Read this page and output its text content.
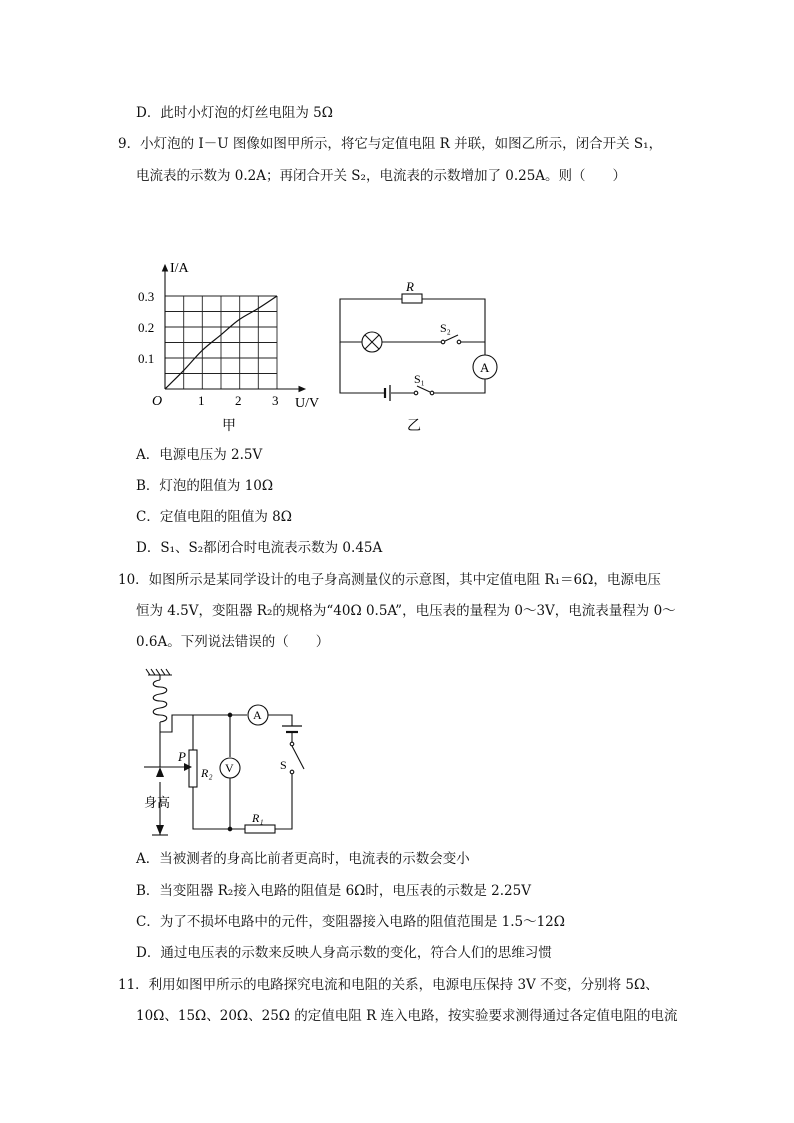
D．此时小灯泡的灯丝电阻为 5Ω
9．小灯泡的 I－U 图像如图甲所示，将它与定值电阻 R 并联，如图乙所示，闭合开关 S₁，
电流表的示数为 0.2A；再闭合开关 S₂，电流表的示数增加了 0.25A。则（　　）
I/A
U/V
O
0.3
0.2
0.1
1 2 3
甲
R
S₂
S₁
A
乙
A．电源电压为 2.5V
B．灯泡的阻值为 10Ω
C．定值电阻的阻值为 8Ω
D．S₁、S₂都闭合时电流表示数为 0.45A
10．如图所示是某同学设计的电子身高测量仪的示意图，其中定值电阻 R₁＝6Ω，电源电压
恒为 4.5V，变阻器 R₂的规格为“40Ω 0.5A”，电压表的量程为 0～3V，电流表量程为 0～
0.6A。下列说法错误的（　　）
P
R₂ V
A
S
R₁
身高
A．当被测者的身高比前者更高时，电流表的示数会变小
B．当变阻器 R₂接入电路的阻值是 6Ω时，电压表的示数是 2.25V
C．为了不损坏电路中的元件，变阻器接入电路的阻值范围是 1.5～12Ω
D．通过电压表的示数来反映人身高示数的变化，符合人们的思维习惯
11．利用如图甲所示的电路探究电流和电阻的关系，电源电压保持 3V 不变，分别将 5Ω、
10Ω、15Ω、20Ω、25Ω 的定值电阻 R 连入电路，按实验要求测得通过各定值电阻的电流
